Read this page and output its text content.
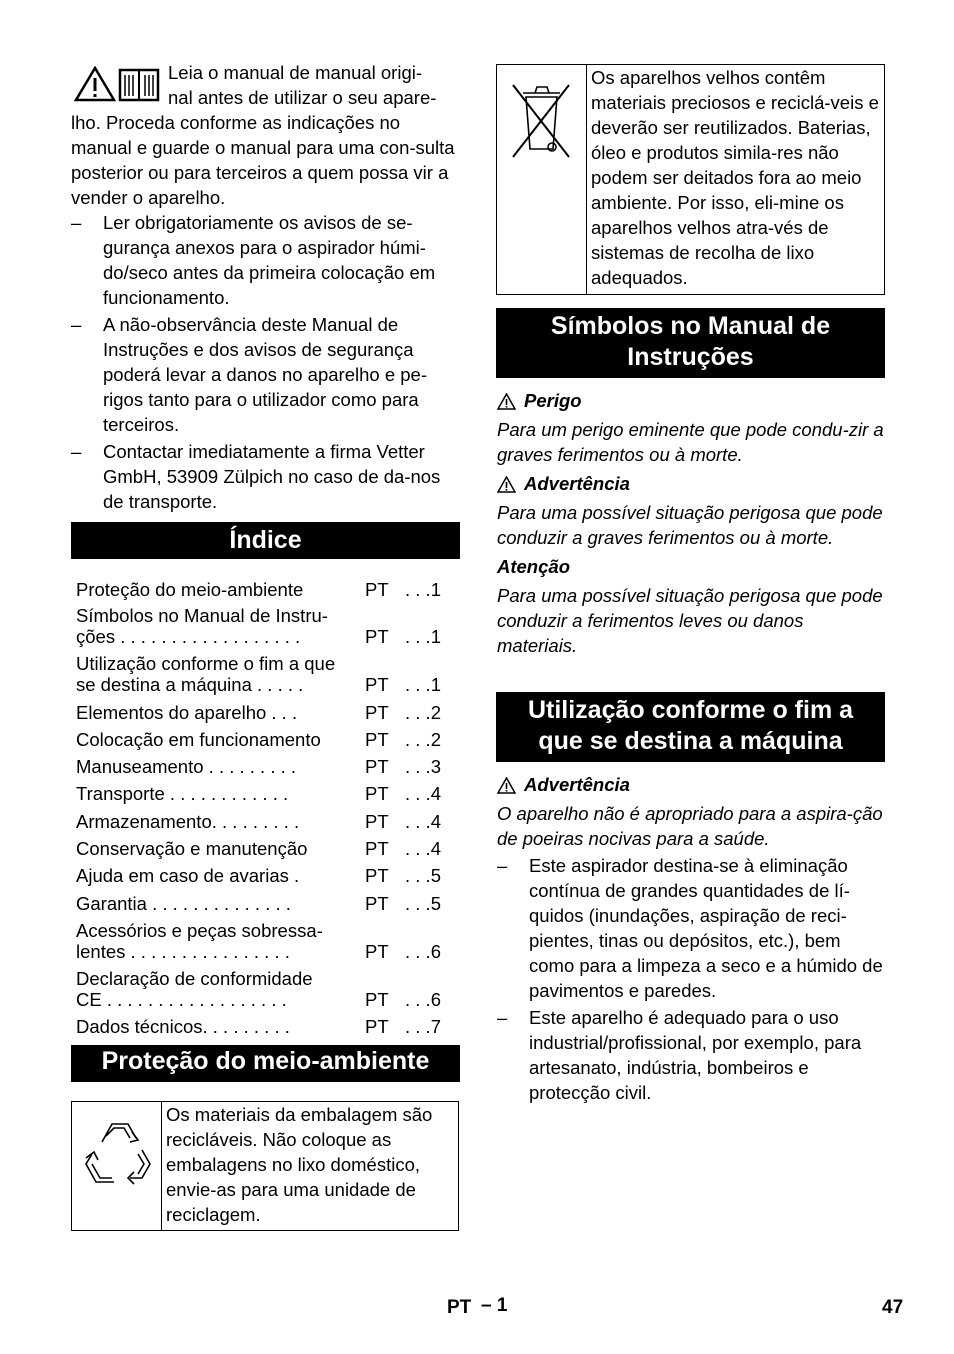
Leia o manual de manual origi-

nal antes de utilizar o seu apare-

lho. Proceda conforme as indicações no manual e guarde o manual para uma con-sulta posterior ou para terceiros a quem possa vir a vender o aparelho.

– Ler obrigatoriamente os avisos de se-gurança anexos para o aspirador húmi-do/seco antes da primeira colocação em funcionamento.
– A não-observância deste Manual de Instruções e dos avisos de segurança poderá levar a danos no aparelho e pe-rigos tanto para o utilizador como para terceiros.
– Contactar imediatamente a firma Vetter GmbH, 53909 Zülpich no caso de da-nos de transporte.
Índice
Proteção do meio-ambiente	PT . . .1
Símbolos no Manual de Instru-
ções . . . . . . . . . . . . . . . . . .	PT . . .1
Utilização conforme o fim a que
se destina a máquina . . . . .	PT . . .1
Elementos do aparelho . . .	PT . . .2
Colocação em funcionamento	PT . . .2
Manuseamento . . . . . . . . .	PT . . .3
Transporte . . . . . . . . . . . .	PT . . .4
Armazenamento. . . . . . . . .	PT . . .4
Conservação e manutenção	PT . . .4
Ajuda em caso de avarias .	PT . . .5
Garantia . . . . . . . . . . . . . .	PT . . .5
Acessórios e peças sobressa-
lentes . . . . . . . . . . . . . . . .	PT . . .6
Declaração de conformidade
CE . . . . . . . . . . . . . . . . . .	PT . . .6
Dados técnicos. . . . . . . . .	PT . . .7
Proteção do meio-ambiente

Os materiais da embalagem são recicláveis. Não coloque as embalagens no lixo doméstico, envie-as para uma unidade de reciclagem.

Os aparelhos velhos contêm materiais preciosos e reciclá-veis e deverão ser reutilizados. Baterias, óleo e produtos simila-res não podem ser deitados fora ao meio ambiente. Por isso, eli-mine os aparelhos velhos atra-vés de sistemas de recolha de lixo adequados.

Símbolos no Manual de
Instruções
Perigo

Para um perigo eminente que pode condu-zir a graves ferimentos ou à morte.

Advertência

Para uma possível situação perigosa que pode conduzir a graves ferimentos ou à morte.

Atenção

Para uma possível situação perigosa que pode conduzir a ferimentos leves ou danos materiais.

Utilização conforme o fim a
que se destina a máquina
Advertência

O aparelho não é apropriado para a aspira-ção de poeiras nocivas para a saúde.

– Este aspirador destina-se à eliminação contínua de grandes quantidades de lí-quidos (inundações, aspiração de reci-pientes, tinas ou depósitos, etc.), bem como para a limpeza a seco e a húmido de pavimentos e paredes.
– Este aparelho é adequado para o uso industrial/profissional, por exemplo, para artesanato, indústria, bombeiros e protecção civil.
PT – 1	47
